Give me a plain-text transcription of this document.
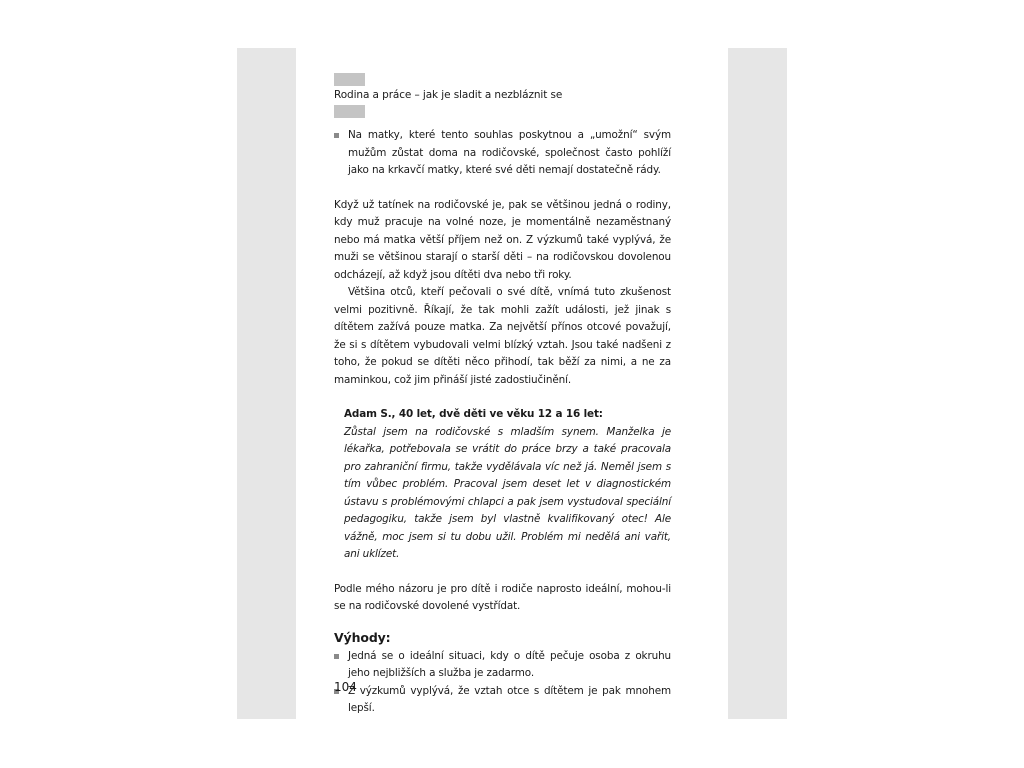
Rodina a práce – jak je sladit a nezbláznit se
Na matky, které tento souhlas poskytnou a „umožní“ svým mužům zůstat doma na rodičovské, společnost často pohlíží jako na krkavčí matky, které své děti nemají dostatečně rády.

Když už tatínek na rodičovské je, pak se většinou jedná o rodiny, kdy muž pracuje na volné noze, je momentálně nezaměstnaný nebo má matka větší příjem než on. Z výzkumů také vyplývá, že muži se většinou starají o starší děti – na rodičovskou dovolenou odcházejí, až když jsou dítěti dva nebo tři roky.

Většina otců, kteří pečovali o své dítě, vnímá tuto zkušenost velmi pozitivně. Říkají, že tak mohli zažít události, jež jinak s dítětem zažívá pouze matka. Za největší přínos otcové považují, že si s dítětem vybudovali velmi blízký vztah. Jsou také nadšeni z toho, že pokud se dítěti něco přihodí, tak běží za nimi, a ne za maminkou, což jim přináší jisté zadostiučinění.

Adam S., 40 let, dvě děti ve věku 12 a 16 let:
Zůstal jsem na rodičovské s mladším synem. Manželka je lékařka, potřebovala se vrátit do práce brzy a také pracovala pro zahraniční firmu, takže vydělávala víc než já. Neměl jsem s tím vůbec problém. Pracoval jsem deset let v diagnostickém ústavu s problémovými chlapci a pak jsem vystudoval speciální pedagogiku, takže jsem byl vlastně kvalifikovaný otec! Ale vážně, moc jsem si tu dobu užil. Problém mi nedělá ani vařit, ani uklízet.

Podle mého názoru je pro dítě i rodiče naprosto ideální, mohou-li se na rodičovské dovolené vystřídat.

Výhody:
Jedná se o ideální situaci, kdy o dítě pečuje osoba z okruhu jeho nejbližších a služba je zadarmo.
Z výzkumů vyplývá, že vztah otce s dítětem je pak mnohem lepší.
104
